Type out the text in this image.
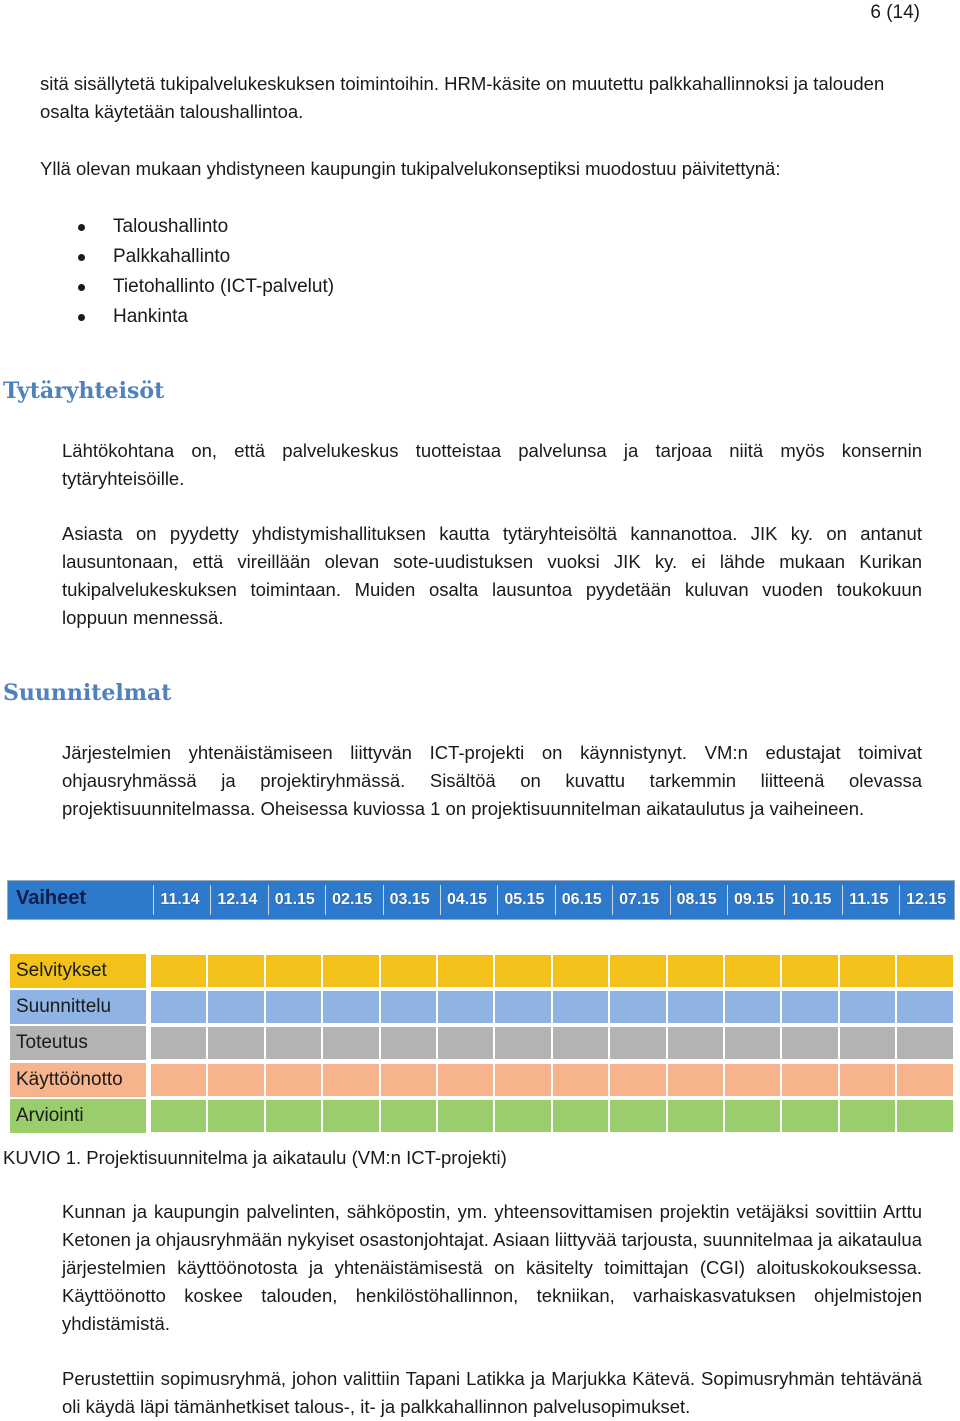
6 (14)

sitä sisällytetä tukipalvelukeskuksen toimintoihin. HRM-käsite on muutettu palkkahallinnoksi ja talouden osalta käytetään taloushallintoa.

Yllä olevan mukaan yhdistyneen kaupungin tukipalvelukonseptiksi muodostuu päivitettynä:

Taloushallinto
Palkkahallinto
Tietohallinto (ICT-palvelut)
Hankinta
Tytäryhteisöt

Lähtökohtana on, että palvelukeskus tuotteistaa palvelunsa ja tarjoaa niitä myös konsernin tytäryhteisöille.

Asiasta on pyydetty yhdistymishallituksen kautta tytäryhteisöltä kannanottoa. JIK ky. on antanut lausuntonaan, että vireillään olevan sote-uudistuksen vuoksi JIK ky. ei lähde mukaan Kurikan tukipalvelukeskuksen toimintaan. Muiden osalta lausuntoa pyydetään kuluvan vuoden toukokuun loppuun mennessä.

Suunnitelmat

Järjestelmien yhtenäistämiseen liittyvän ICT-projekti on käynnistynyt. VM:n edustajat toimivat ohjausryhmässä ja projektiryhmässä. Sisältöä on kuvattu tarkemmin liitteenä olevassa projektisuunnitelmassa. Oheisessa kuviossa 1 on projektisuunnitelman aikataulutus ja vaiheineen.

Vaiheet	11.14	12.14	01.15	02.15	03.15	04.15	05.15	06.15	07.15	08.15	09.15	10.15	11.15	12.15
Selvitykset
Suunnittelu
Toteutus
Käyttöönotto
Arviointi

KUVIO 1. Projektisuunnitelma ja aikataulu (VM:n ICT-projekti)

Kunnan ja kaupungin palvelinten, sähköpostin, ym. yhteensovittamisen projektin vetäjäksi sovittiin Arttu Ketonen ja ohjausryhmään nykyiset osastonjohtajat. Asiaan liittyvää tarjousta, suunnitelmaa ja aikataulua järjestelmien käyttöönotosta ja yhtenäistämisestä on käsitelty toimittajan (CGI) aloituskokouksessa. Käyttöönotto koskee talouden, henkilöstöhallinnon, tekniikan, varhaiskasvatuksen ohjelmistojen yhdistämistä.

Perustettiin sopimusryhmä, johon valittiin Tapani Latikka ja Marjukka Kätevä. Sopimusryhmän tehtävänä oli käydä läpi tämänhetkiset talous-, it- ja palkkahallinnon palvelusopimukset.
